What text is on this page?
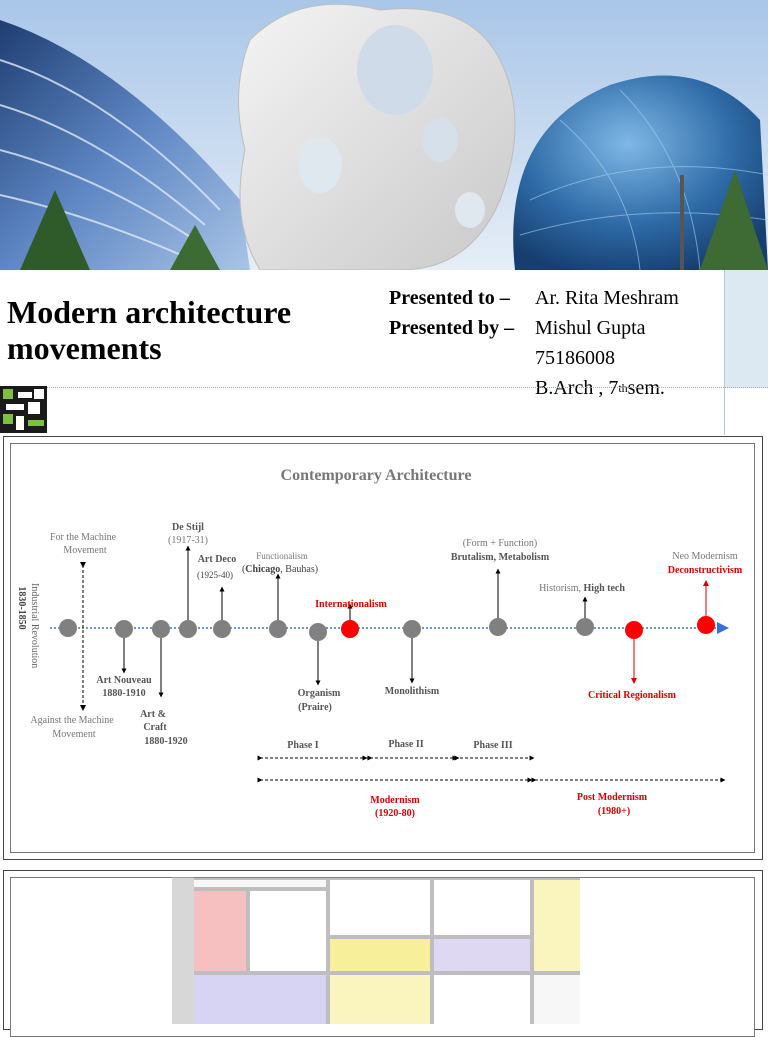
Modern architecture
movements
Presented to –	Ar. Rita Meshram
Presented by –	Mishul Gupta
75186008
B.Arch , 7 th sem.
Contemporary Architecture
Industrial Revolution
1830-1850
For the Machine
Movement
Against the Machine
Movement
Art Nouveau
1880-1910
Art &
Craft
1880-1920
De Stijl
(1917-31)
Art Deco
(1925-40)
Functionalism
(Chicago, Bauhas)
Internationalism
Organism
(Praire)
Monolithism
(Form + Function)
Brutalism, Metabolism
Historism, High tech
Critical Regionalism
Neo Modernism
Deconstructivism
Phase I	Phase II	Phase III
Modernism
(1920-80)
Post Modernism
(1980+)
